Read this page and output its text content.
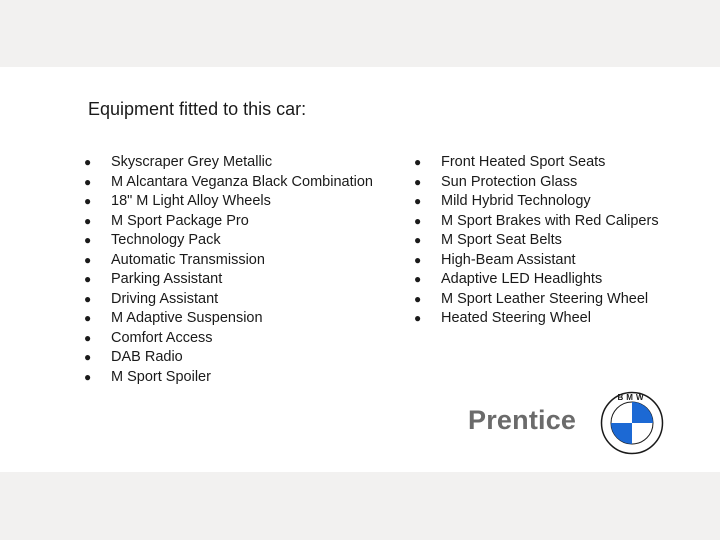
Equipment fitted to this car:
● Skyscraper Grey Metallic
● M Alcantara Veganza Black Combination
● 18" M Light Alloy Wheels
● M Sport Package Pro
● Technology Pack
● Automatic Transmission
● Parking Assistant
● Driving Assistant
● M Adaptive Suspension
● Comfort Access
● DAB Radio
● M Sport Spoiler
● Front Heated Sport Seats
● Sun Protection Glass
● Mild Hybrid Technology
● M Sport Brakes with Red Calipers
● M Sport Seat Belts
● High-Beam Assistant
● Adaptive LED Headlights
● M Sport Leather Steering Wheel
● Heated Steering Wheel
Prentice
BMW
